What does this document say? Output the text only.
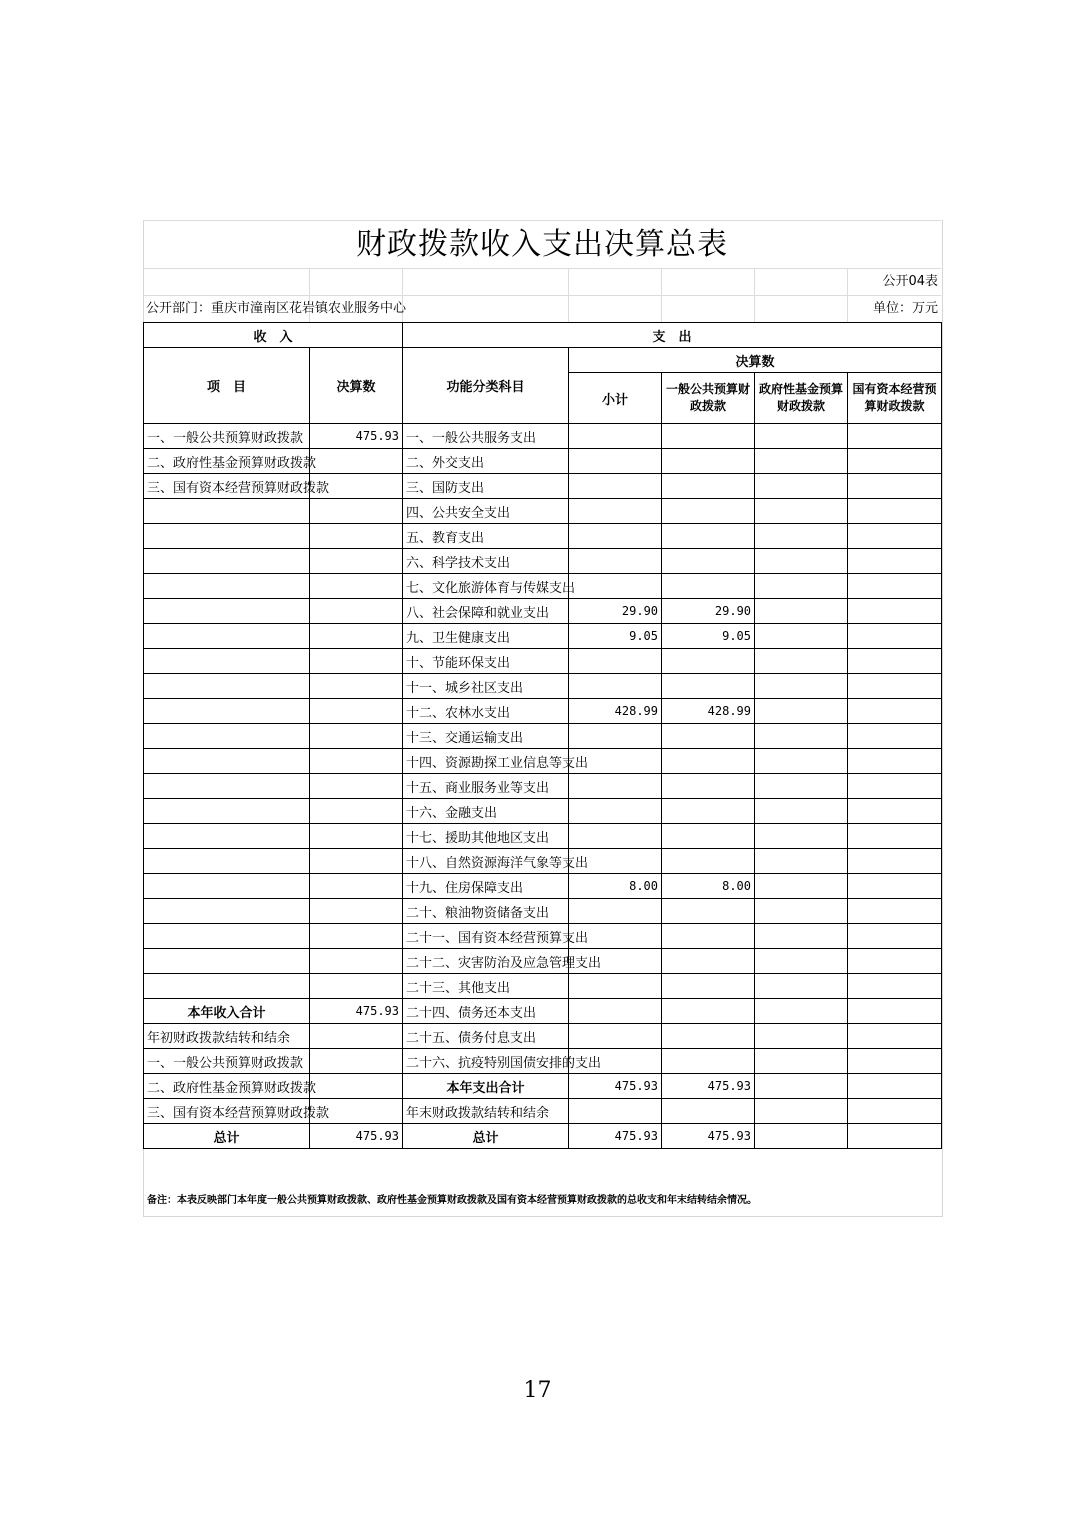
财政拨款收入支出决算总表
公开04表
公开部门：重庆市潼南区花岩镇农业服务中心	单位：万元
收　入		支　出				
项　目	决算数	功能分类科目	决算数			
			小计	一般公共预算财政拨款	政府性基金预算财政拨款	国有资本经营预算财政拨款
一、一般公共预算财政拨款	475.93	一、一般公共服务支出				
二、政府性基金预算财政拨款		二、外交支出				
三、国有资本经营预算财政拨款		三、国防支出				
		四、公共安全支出				
		五、教育支出				
		六、科学技术支出				
		七、文化旅游体育与传媒支出				
		八、社会保障和就业支出	29.90	29.90		
		九、卫生健康支出	9.05	9.05		
		十、节能环保支出				
		十一、城乡社区支出				
		十二、农林水支出	428.99	428.99		
		十三、交通运输支出				
		十四、资源勘探工业信息等支出				
		十五、商业服务业等支出				
		十六、金融支出				
		十七、援助其他地区支出				
		十八、自然资源海洋气象等支出				
		十九、住房保障支出	8.00	8.00		
		二十、粮油物资储备支出				
		二十一、国有资本经营预算支出				
		二十二、灾害防治及应急管理支出				
		二十三、其他支出				
本年收入合计	475.93	二十四、债务还本支出				
年初财政拨款结转和结余		二十五、债务付息支出				
一、一般公共预算财政拨款		二十六、抗疫特别国债安排的支出				
二、政府性基金预算财政拨款		本年支出合计	475.93	475.93		
三、国有资本经营预算财政拨款		年末财政拨款结转和结余				
总计	475.93	总计	475.93	475.93		
备注：本表反映部门本年度一般公共预算财政拨款、政府性基金预算财政拨款及国有资本经营预算财政拨款的总收支和年末结转结余情况。
17
